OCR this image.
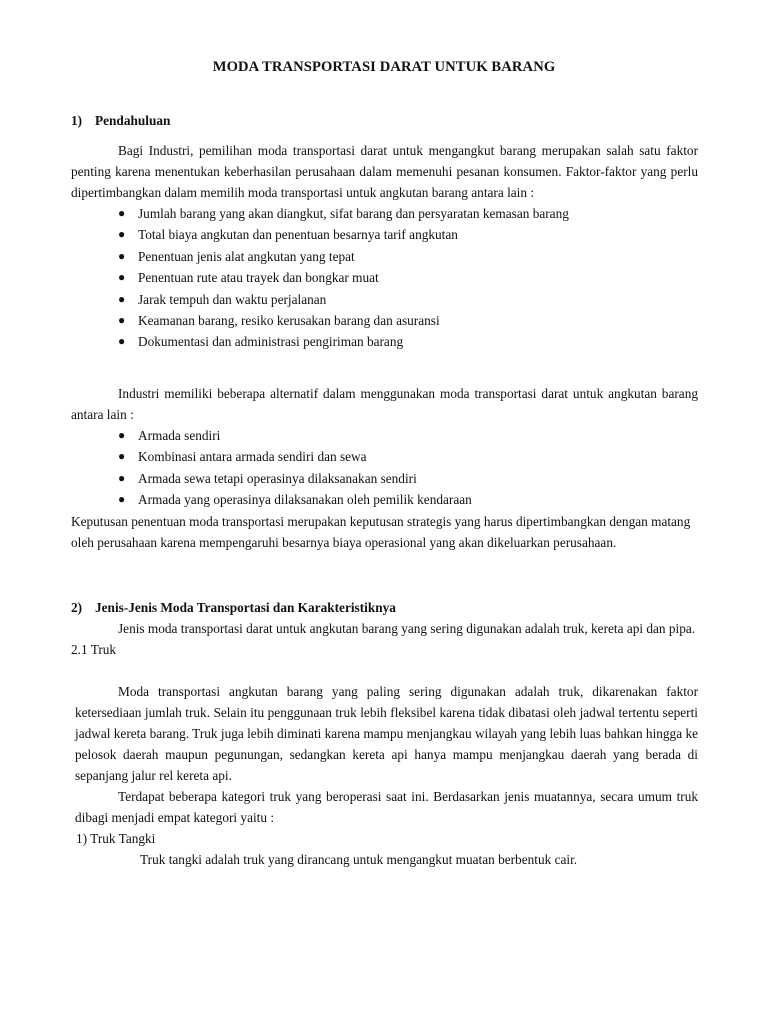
MODA TRANSPORTASI DARAT UNTUK BARANG
1) Pendahuluan

Bagi Industri, pemilihan moda transportasi darat untuk mengangkut barang merupakan salah satu faktor penting karena menentukan keberhasilan perusahaan dalam memenuhi pesanan konsumen. Faktor-faktor yang perlu dipertimbangkan dalam memilih moda transportasi untuk angkutan barang antara lain :

● Jumlah barang yang akan diangkut, sifat barang dan persyaratan kemasan barang
● Total biaya angkutan dan penentuan besarnya tarif angkutan
● Penentuan jenis alat angkutan yang tepat
● Penentuan rute atau trayek dan bongkar muat
● Jarak tempuh dan waktu perjalanan
● Keamanan barang, resiko kerusakan barang dan asuransi
● Dokumentasi dan administrasi pengiriman barang

Industri memiliki beberapa alternatif dalam menggunakan moda transportasi darat untuk angkutan barang antara lain :

● Armada sendiri
● Kombinasi antara armada sendiri dan sewa
● Armada sewa tetapi operasinya dilaksanakan sendiri
● Armada yang operasinya dilaksanakan oleh pemilik kendaraan

Keputusan penentuan moda transportasi merupakan keputusan strategis yang harus dipertimbangkan dengan matang oleh perusahaan karena mempengaruhi besarnya biaya operasional yang akan dikeluarkan perusahaan.

2) Jenis-Jenis Moda Transportasi dan Karakteristiknya

Jenis moda transportasi darat untuk angkutan barang yang sering digunakan adalah truk, kereta api dan pipa.

2.1 Truk

Moda transportasi angkutan barang yang paling sering digunakan adalah truk, dikarenakan faktor ketersediaan jumlah truk. Selain itu penggunaan truk lebih fleksibel karena tidak dibatasi oleh jadwal tertentu seperti jadwal kereta barang. Truk juga lebih diminati karena mampu menjangkau wilayah yang lebih luas bahkan hingga ke pelosok daerah maupun pegunungan, sedangkan kereta api hanya mampu menjangkau daerah yang berada di sepanjang jalur rel kereta api.

Terdapat beberapa kategori truk yang beroperasi saat ini. Berdasarkan jenis muatannya, secara umum truk dibagi menjadi empat kategori yaitu :

1) Truk Tangki

Truk tangki adalah truk yang dirancang untuk mengangkut muatan berbentuk cair.
